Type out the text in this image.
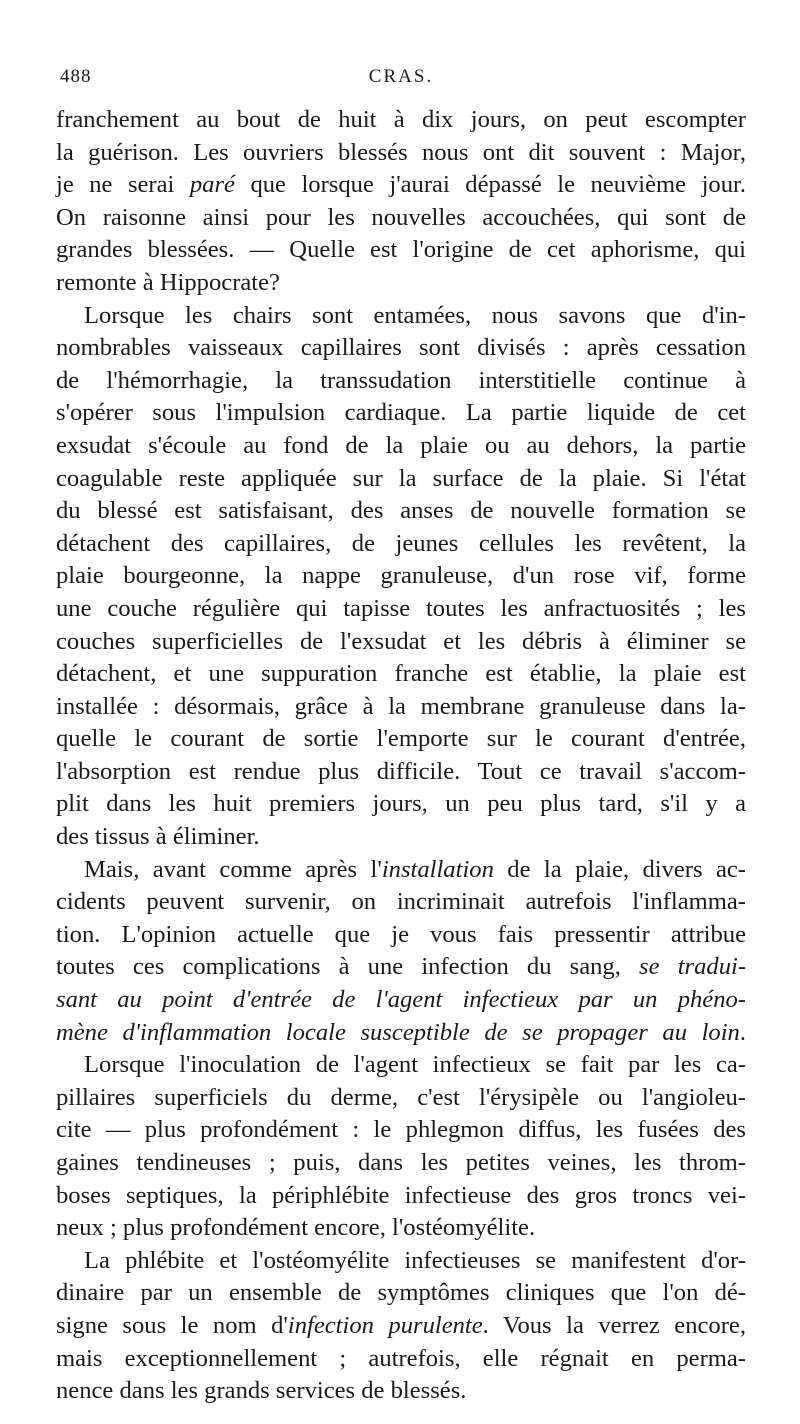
488	CRAS.
franchement au bout de huit à dix jours, on peut escompter
la guérison. Les ouvriers blessés nous ont dit souvent : Major,
je ne serai paré que lorsque j'aurai dépassé le neuvième jour.
On raisonne ainsi pour les nouvelles accouchées, qui sont de
grandes blessées. — Quelle est l'origine de cet aphorisme, qui
remonte à Hippocrate?
Lorsque les chairs sont entamées, nous savons que d'in-
nombrables vaisseaux capillaires sont divisés : après cessation
de l'hémorrhagie, la transsudation interstitielle continue à
s'opérer sous l'impulsion cardiaque. La partie liquide de cet
exsudat s'écoule au fond de la plaie ou au dehors, la partie
coagulable reste appliquée sur la surface de la plaie. Si l'état
du blessé est satisfaisant, des anses de nouvelle formation se
détachent des capillaires, de jeunes cellules les revêtent, la
plaie bourgeonne, la nappe granuleuse, d'un rose vif, forme
une couche régulière qui tapisse toutes les anfractuosités ; les
couches superficielles de l'exsudat et les débris à éliminer se
détachent, et une suppuration franche est établie, la plaie est
installée : désormais, grâce à la membrane granuleuse dans la-
quelle le courant de sortie l'emporte sur le courant d'entrée,
l'absorption est rendue plus difficile. Tout ce travail s'accom-
plit dans les huit premiers jours, un peu plus tard, s'il y a
des tissus à éliminer.
Mais, avant comme après l'installation de la plaie, divers ac-
cidents peuvent survenir, on incriminait autrefois l'inflamma-
tion. L'opinion actuelle que je vous fais pressentir attribue
toutes ces complications à une infection du sang, se tradui-
sant au point d'entrée de l'agent infectieux par un phéno-
mène d'inflammation locale susceptible de se propager au loin.
Lorsque l'inoculation de l'agent infectieux se fait par les ca-
pillaires superficiels du derme, c'est l'érysipèle ou l'angioleu-
cite — plus profondément : le phlegmon diffus, les fusées des
gaines tendineuses ; puis, dans les petites veines, les throm-
boses septiques, la périphlébite infectieuse des gros troncs vei-
neux ; plus profondément encore, l'ostéomyélite.
La phlébite et l'ostéomyélite infectieuses se manifestent d'or-
dinaire par un ensemble de symptômes cliniques que l'on dé-
signe sous le nom d'infection purulente. Vous la verrez encore,
mais exceptionnellement ; autrefois, elle régnait en perma-
nence dans les grands services de blessés.
